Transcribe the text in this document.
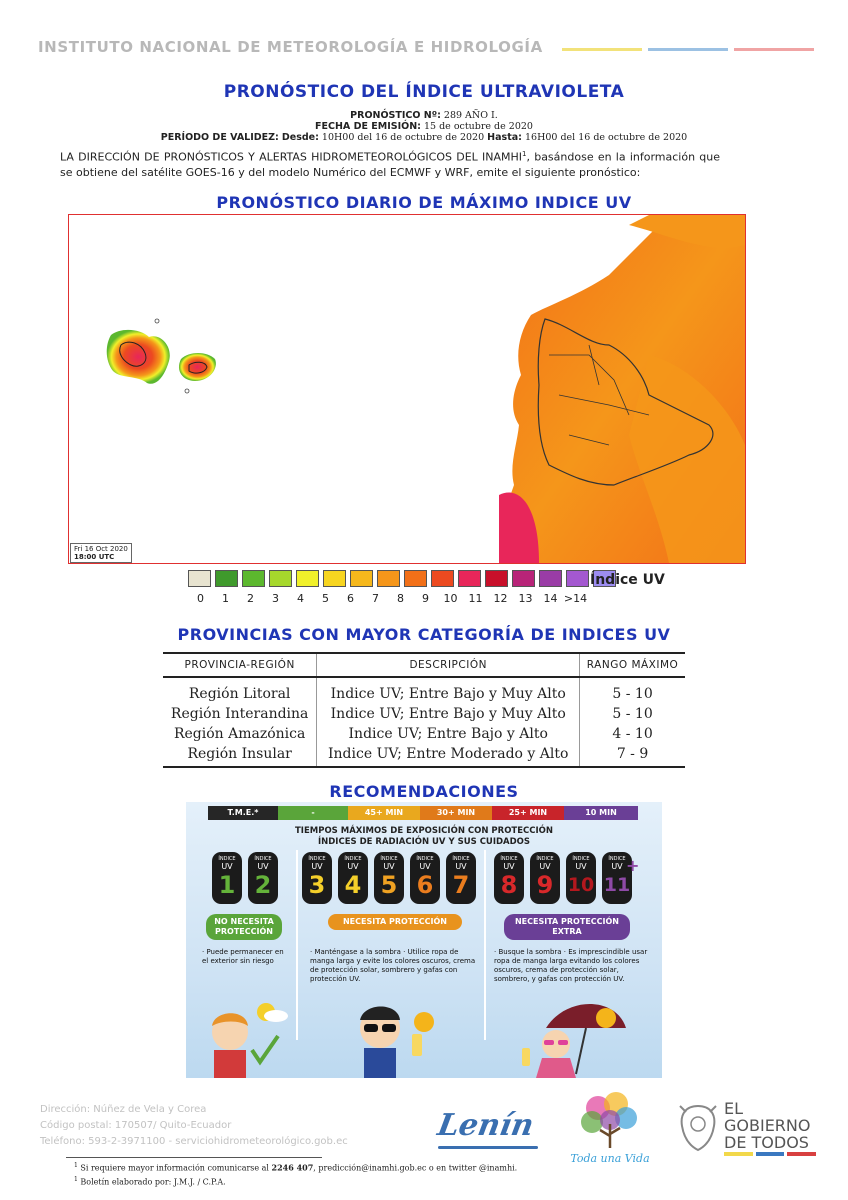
INSTITUTO NACIONAL DE METEOROLOGÍA E HIDROLOGÍA
PRONÓSTICO DEL ÍNDICE ULTRAVIOLETA
PRONÓSTICO Nº: 289 AÑO I.
FECHA DE EMISIÓN: 15 de octubre de 2020
PERÍODO DE VALIDEZ: Desde: 10H00 del 16 de octubre de 2020 Hasta: 16H00 del 16 de octubre de 2020
LA DIRECCIÓN DE PRONÓSTICOS Y ALERTAS HIDROMETEOROLÓGICOS DEL INAMHI$^1$, basándose en la información que se obtiene del satélite GOES-16 y del modelo Numérico del ECMWF y WRF, emite el siguiente pronóstico:
PRONÓSTICO DIARIO DE MÁXIMO INDICE UV
Fri 16 Oct 2020
18:00 UTC
Índice UV
0	1	2	3	4	5	6	7	8	9	10	11	12	13	14 >14
PROVINCIAS CON MAYOR CATEGORÍA DE INDICES UV
PROVINCIA-REGIÓN	DESCRIPCIÓN	RANGO MÁXIMO
Región Litoral	Indice UV; Entre Bajo y Muy Alto	5 - 10
Región Interandina	Indice UV; Entre Bajo y Muy Alto	5 - 10
Región Amazónica	Indice UV; Entre Bajo y Alto	4 - 10
Región Insular	Indice UV; Entre Moderado y Alto	7 - 9
RECOMENDACIONES
T.M.E.*	-	45+ MIN	30+ MIN	25+ MIN	10 MIN
TIEMPOS MÁXIMOS DE EXPOSICIÓN CON PROTECCIÓN
ÍNDICES DE RADIACIÓN UV Y SUS CUIDADOS
ÍNDICE
UV
1
ÍNDICE
UV
2
ÍNDICE
UV
3
ÍNDICE
UV
4
ÍNDICE
UV
5
ÍNDICE
UV
6
ÍNDICE
UV
7
ÍNDICE
UV
8
ÍNDICE
UV
9
ÍNDICE
UV
10
ÍNDICE
UV
11
+
NO NECESITA PROTECCIÓN
NECESITA PROTECCIÓN	NECESITA PROTECCIÓN EXTRA
· Puede permanecer en el exterior sin riesgo
· Manténgase a la sombra · Utilice ropa de manga larga y evite los colores oscuros, crema de protección solar, sombrero y gafas con protección UV.
· Busque la sombra · Es imprescindible usar ropa de manga larga evitando los colores oscuros, crema de protección solar, sombrero, y gafas con protección UV.
Dirección: Núñez de Vela y Corea
Código postal: 170507/ Quito-Ecuador
Teléfono: 593-2-3971100 - serviciohidrometeorológico.gob.ec	Lenín
Toda una Vida
EL
GOBIERNO
DE TODOS
$^1$ Si requiere mayor información comunicarse al 2246 407, predicción@inamhi.gob.ec o en twitter @inamhi.
$^1$ Boletín elaborado por: J.M.J. / C.P.A.
